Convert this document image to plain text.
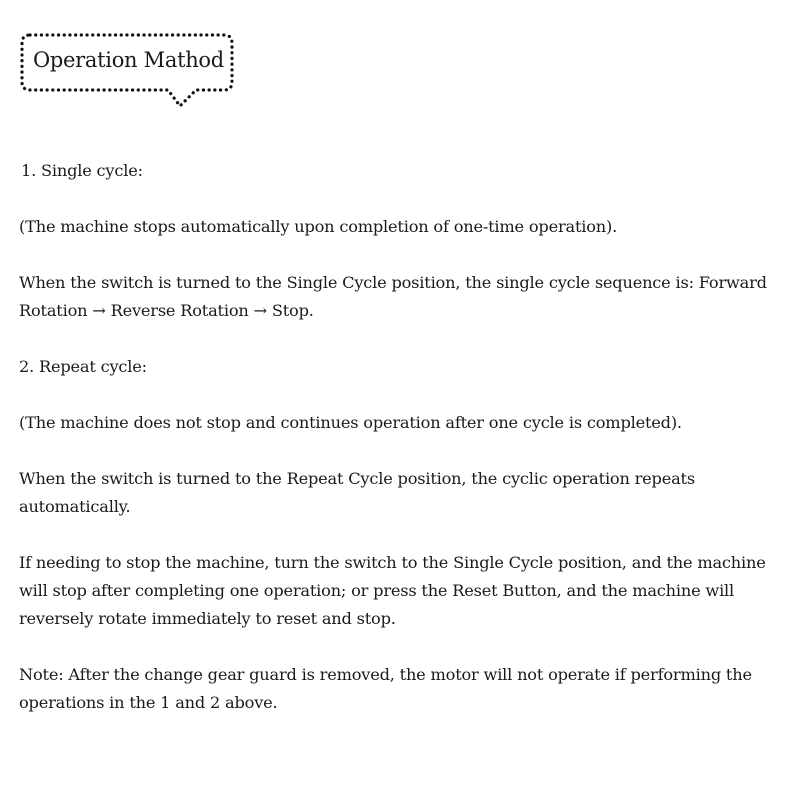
Operation Mathod

1. Single cycle:

(The machine stops automatically upon completion of one-time operation).

When the switch is turned to the Single Cycle position, the single cycle sequence is: Forward Rotation → Reverse Rotation → Stop.

2. Repeat cycle:

(The machine does not stop and continues operation after one cycle is completed).

When the switch is turned to the Repeat Cycle position, the cyclic operation repeats automatically.

If needing to stop the machine, turn the switch to the Single Cycle position, and the machine will stop after completing one operation; or press the Reset Button, and the machine will reversely rotate immediately to reset and stop.

Note: After the change gear guard is removed, the motor will not operate if performing the operations in the 1 and 2 above.
